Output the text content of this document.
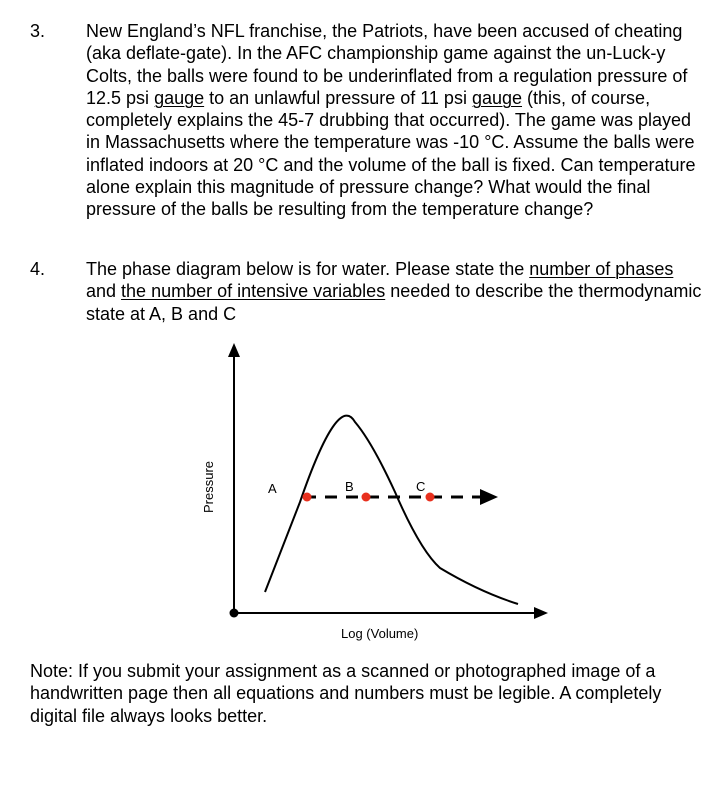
3. New England’s NFL franchise, the Patriots, have been accused of cheating (aka deflate-gate). In the AFC championship game against the un-Luck-y Colts, the balls were found to be underinflated from a regulation pressure of 12.5 psi gauge to an unlawful pressure of 11 psi gauge (this, of course, completely explains the 45-7 drubbing that occurred). The game was played in Massachusetts where the temperature was -10 °C. Assume the balls were inflated indoors at 20 °C and the volume of the ball is fixed. Can temperature alone explain this magnitude of pressure change? What would the final pressure of the balls be resulting from the temperature change?
4. The phase diagram below is for water. Please state the number of phases and the number of intensive variables needed to describe the thermodynamic state at A, B and C
A	B	C
Pressure
Log (Volume)
Note: If you submit your assignment as a scanned or photographed image of a handwritten page then all equations and numbers must be legible. A completely digital file always looks better.
